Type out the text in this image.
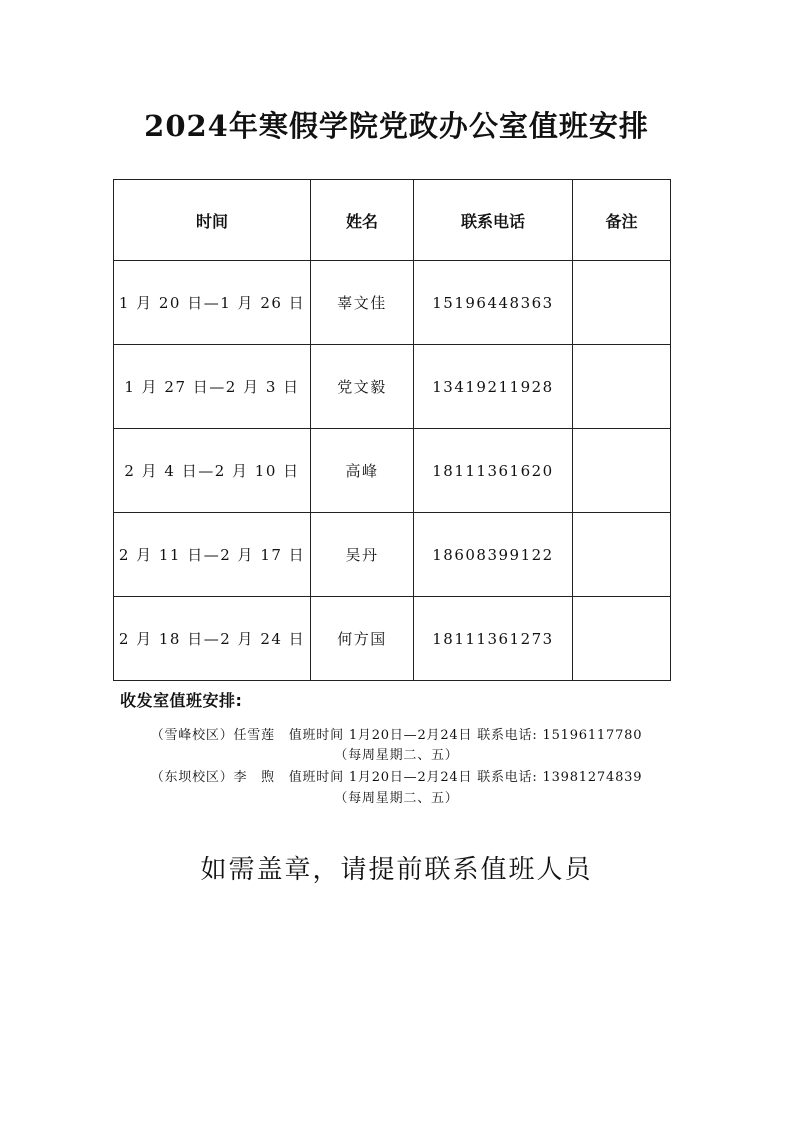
2024年寒假学院党政办公室值班安排
时间	姓名	联系电话	备注
1 月 20 日—1 月 26 日	辜文佳	15196448363	
1 月 27 日—2 月 3 日	党文毅	13419211928	
2 月 4 日—2 月 10 日	高峰	18111361620	
2 月 11 日—2 月 17 日	吴丹	18608399122	
2 月 18 日—2 月 24 日	何方国	18111361273	
收发室值班安排:
（雪峰校区）任雪莲　值班时间 1月20日—2月24日 联系电话: 15196117780
（每周星期二、五）
（东坝校区）李　煦　值班时间 1月20日—2月24日 联系电话: 13981274839
（每周星期二、五）
如需盖章，请提前联系值班人员
